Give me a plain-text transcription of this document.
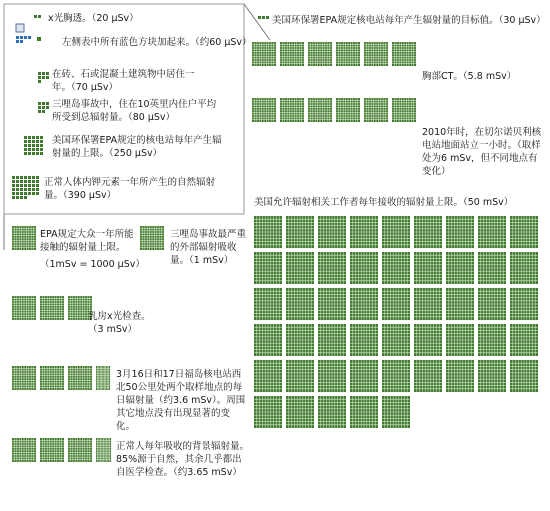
x光胸透。（20 μSv）
左侧表中所有蓝色方块加起来。（约60 μSv）
在砖、石或混凝土建筑物中居住一年。（70 μSv）
三哩岛事故中，住在10英里内住户平均所受到总辐射量。（80 μSv）
美国环保署EPA规定的核电站每年产生辐射量的上限。（250 μSv）
正常人体内钾元素一年所产生的自然辐射量。（390 μSv）
美国环保署EPA规定核电站每年产生辐射量的目标值。（30 μSv）
胸部CT。（5.8 mSv）
2010年时，在切尔诺贝利核电站地面站立一小时。（取样处为6 mSv，但不同地点有变化）
美国允许辐射相关工作者每年接收的辐射量上限。（50 mSv）
EPA规定大众一年所能接触的辐射量上限。
（1mSv = 1000 μSv）
三哩岛事故最严重的外部辐射吸收量。（1 mSv）
乳房x光检查。（3 mSv）
3月16日和17日福岛核电站西北50公里处两个取样地点的每日辐射量（约3.6 mSv）。周围其它地点没有出现显著的变化。
正常人每年吸收的背景辐射量。85%源于自然，其余几乎都出自医学检查。（约3.65 mSv）
